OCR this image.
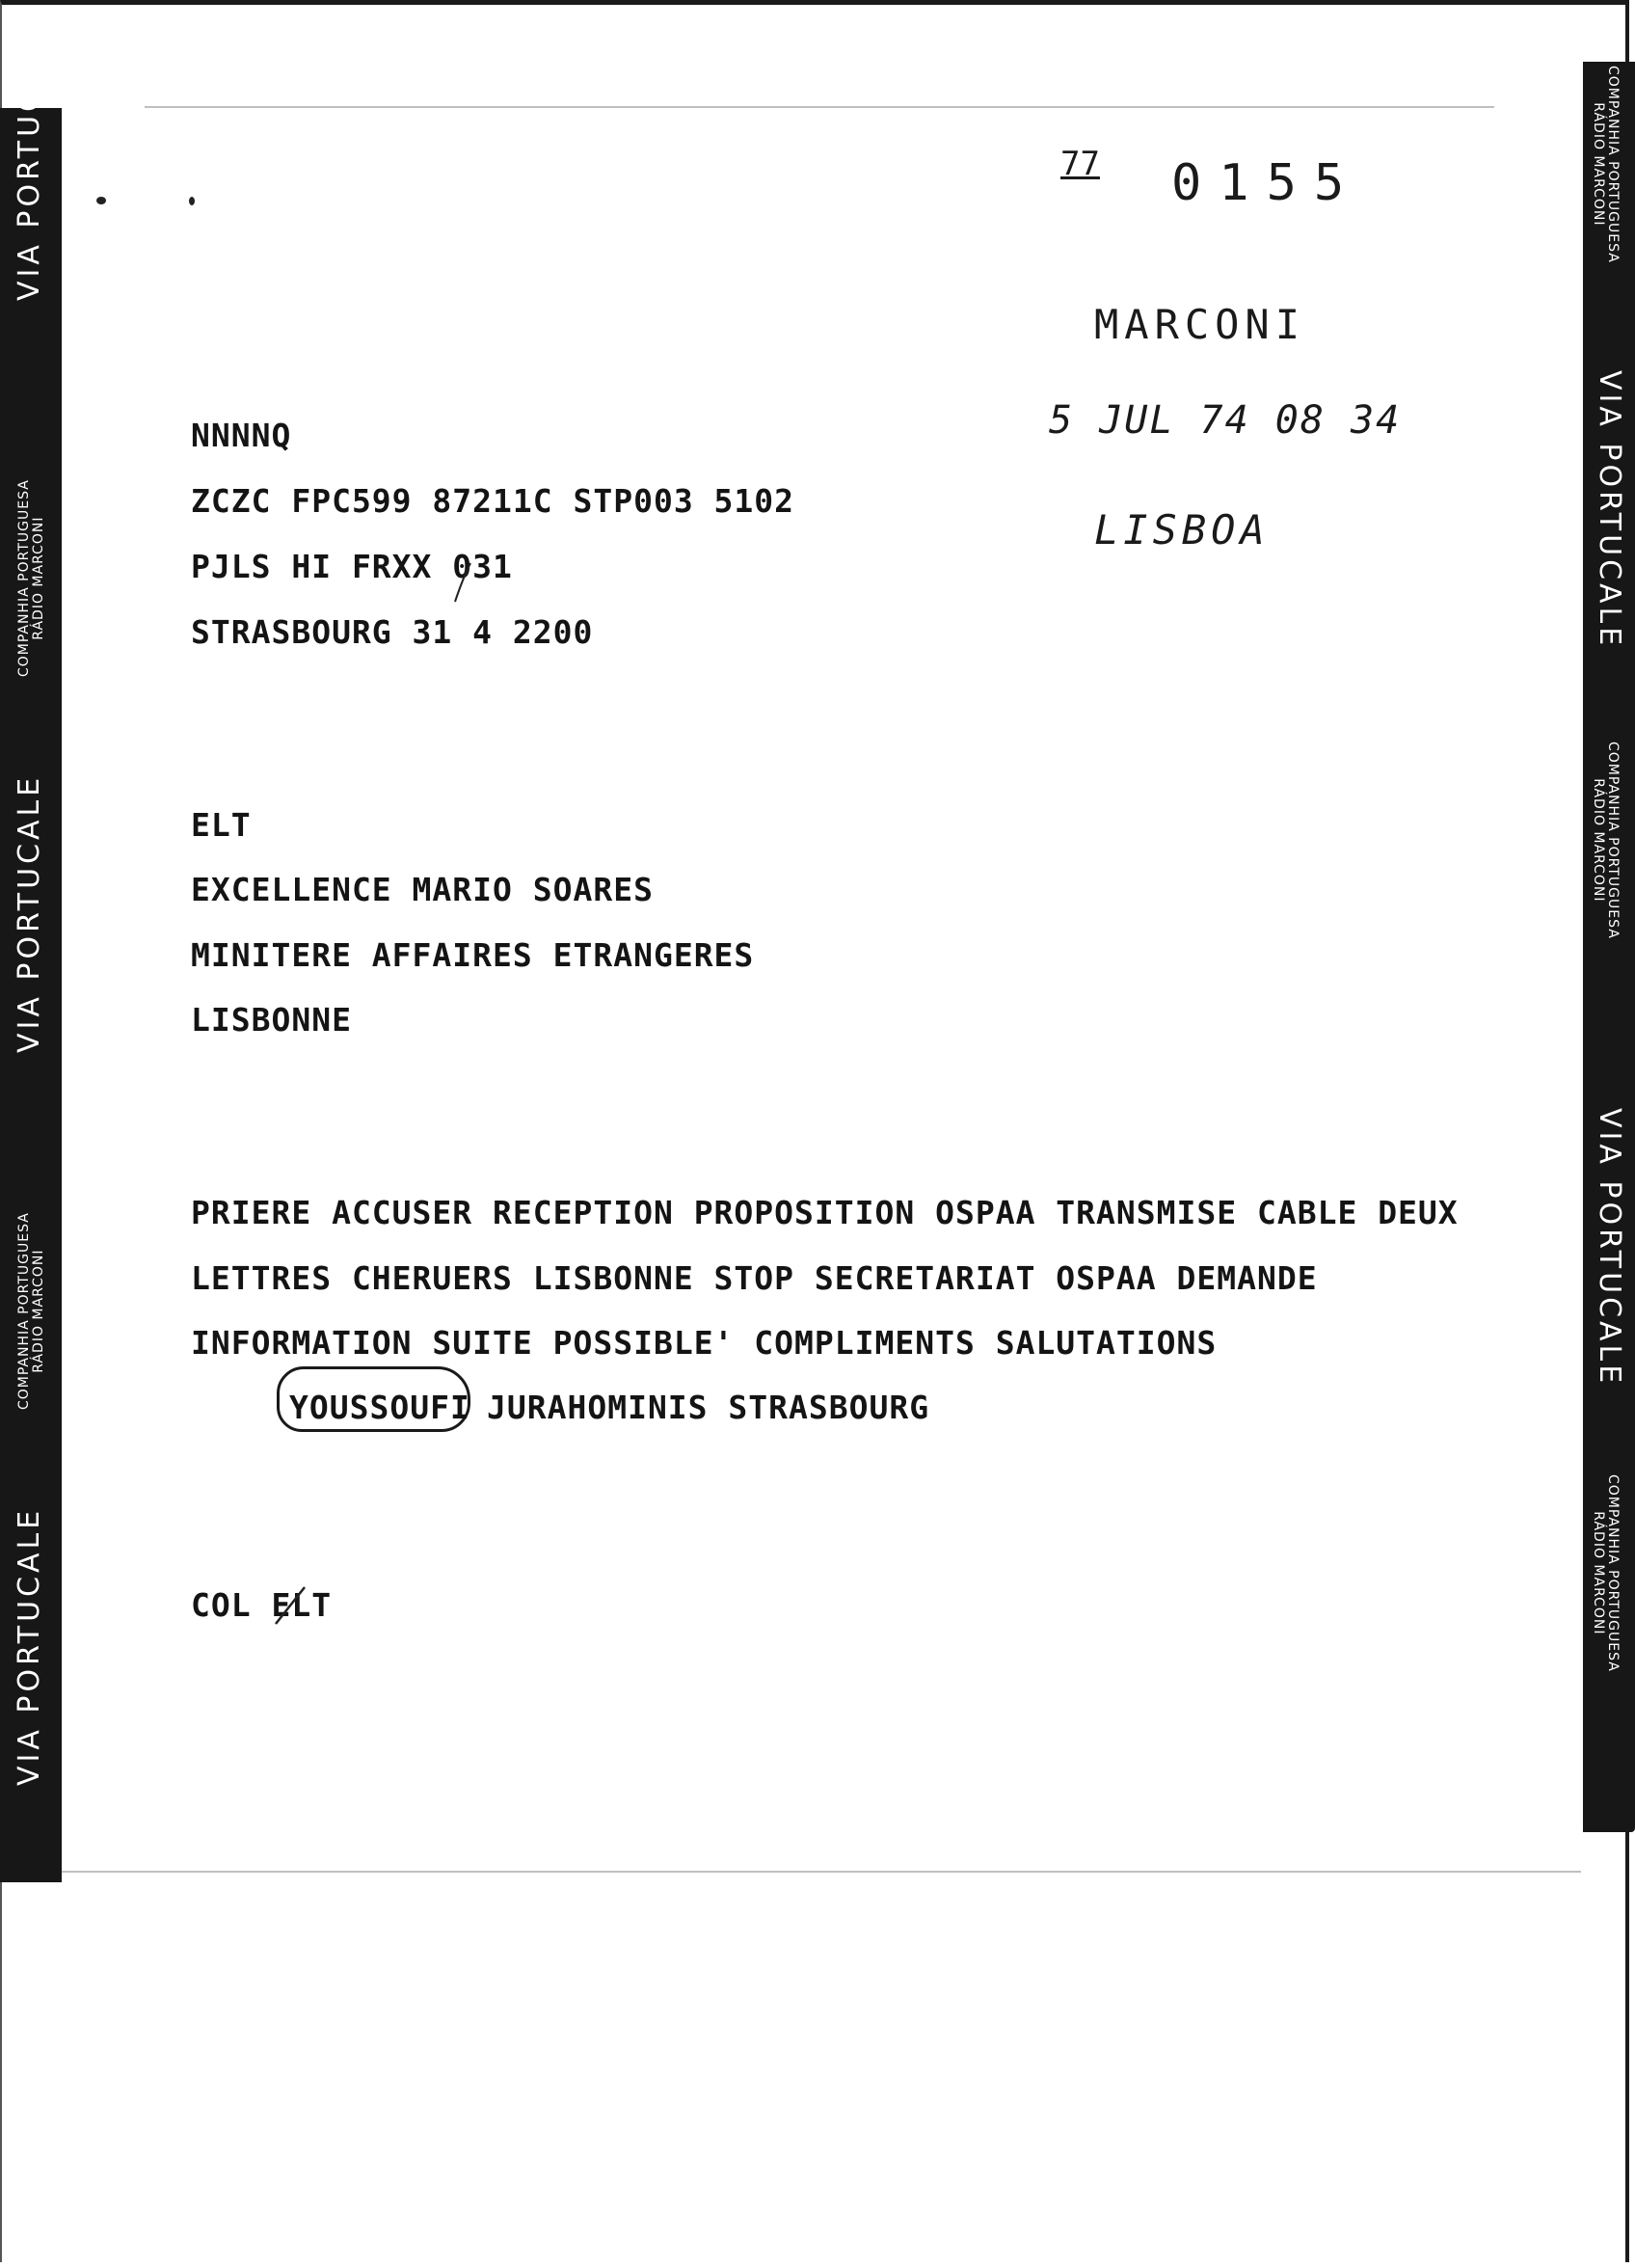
VIA PORTUCALE
COMPANHIA PORTUGUESA RÁDIO MARCONI
VIA PORTUCALE
COMPANHIA PORTUGUESA RÁDIO MARCONI
VIA PORTUCALE
COMPANHIA PORTUGUESA
RÁDIO MARCONI
VIA PORTUCALE
COMPANHIA PORTUGUESA
RÁDIO MARCONI
VIA PORTUCALE
COMPANHIA PORTUGUESA
RÁDIO MARCONI
77 0155
MARCONI
5 JUL 74 08 34
LISBOA
NNNNQ
ZCZC FPC599 87211C STP003 5102
PJLS HI FRXX 031
STRASBOURG 31 4 2200
ELT
EXCELLENCE MARIO SOARES
MINITERE AFFAIRES ETRANGERES
LISBONNE
PRIERE ACCUSER RECEPTION PROPOSITION OSPAA TRANSMISE CABLE DEUX
LETTRES CHERUERS LISBONNE STOP SECRETARIAT OSPAA DEMANDE
INFORMATION SUITE POSSIBLE' COMPLIMENTS SALUTATIONS
YOUSSOUFI JURAHOMINIS STRASBOURG
COL ELT
